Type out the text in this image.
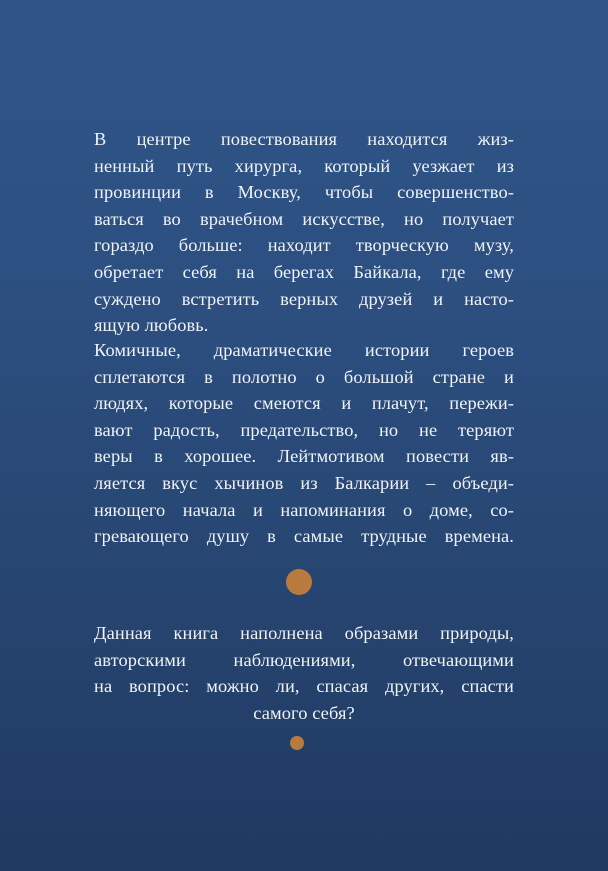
В центре повествования находится жиз-
ненный путь хирурга, который уезжает из
провинции в Москву, чтобы совершенство-
ваться во врачебном искусстве, но получает
гораздо больше: находит творческую музу,
обретает себя на берегах Байкала, где ему
суждено встретить верных друзей и насто-
ящую любовь.
Комичные, драматические истории героев
сплетаются в полотно о большой стране и
людях, которые смеются и плачут, пережи-
вают радость, предательство, но не теряют
веры в хорошее. Лейтмотивом повести яв-
ляется вкус хычинов из Балкарии – объеди-
няющего начала и напоминания о доме, со-
гревающего душу в самые трудные времена.
Данная книга наполнена образами природы,
авторскими наблюдениями, отвечающими
на вопрос: можно ли, спасая других, спасти
самого себя?
